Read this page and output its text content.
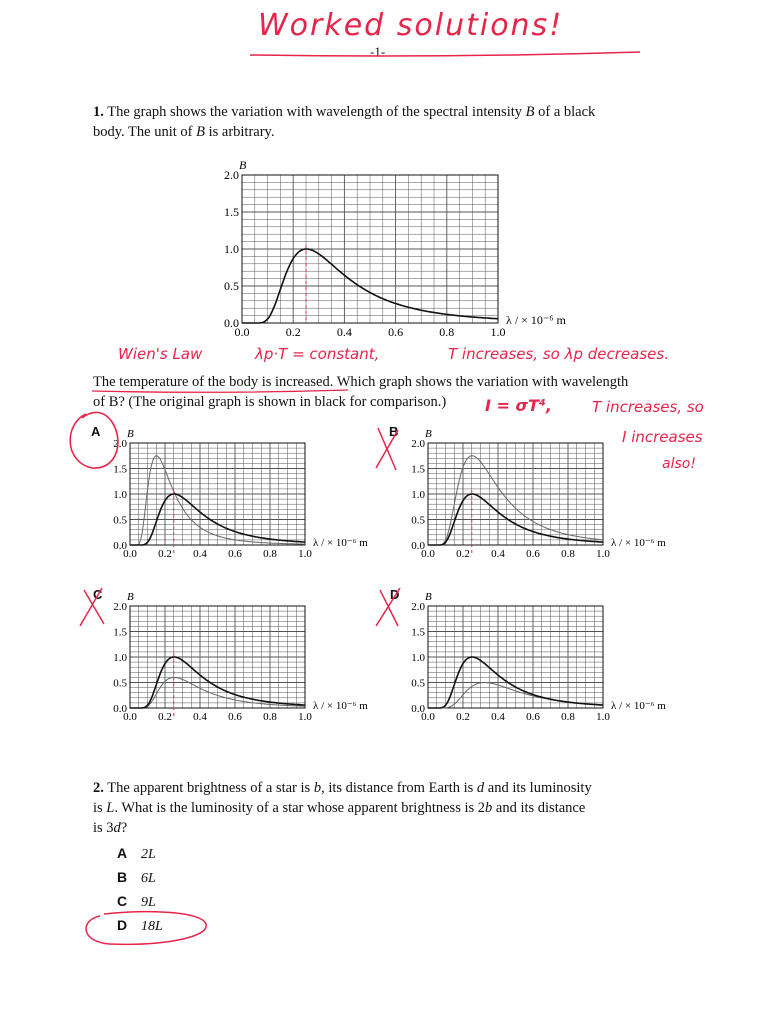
Worked solutions!
-1-
1. The graph shows the variation with wavelength of the spectral intensity B of a black
body. The unit of B is arbitrary.
0.0
0.5
1.0
1.5
2.0
0.0	0.2	0.4	0.6	0.8	1.0
B
λ / × 10⁻⁶ m
Wien's Law	λp·T = constant,	T increases, so λp decreases.
The temperature of the body is increased. Which graph shows the variation with wavelength
of B? (The original graph is shown in black for comparison.)	I = σT⁴,	T increases, so
I increases
also!
A	B
C	D
0.0
0.5
1.0
1.5
2.0
0.0 0.2 0.4 0.6 0.8 1.0
B
λ / × 10⁻⁶ m	0.0
0.5
1.0
1.5
2.0
0.0 0.2 0.4 0.6 0.8 1.0
B
λ / × 10⁻⁶ m
0.0
0.5
1.0
1.5
2.0
0.0 0.2 0.4 0.6 0.8 1.0
B
λ / × 10⁻⁶ m	0.0
0.5
1.0
1.5
2.0
0.0 0.2 0.4 0.6 0.8 1.0
B
λ / × 10⁻⁶ m
2. The apparent brightness of a star is b, its distance from Earth is d and its luminosity
is L. What is the luminosity of a star whose apparent brightness is 2b and its distance
is 3d?
A 2L
B 6L
C 9L
D 18L
